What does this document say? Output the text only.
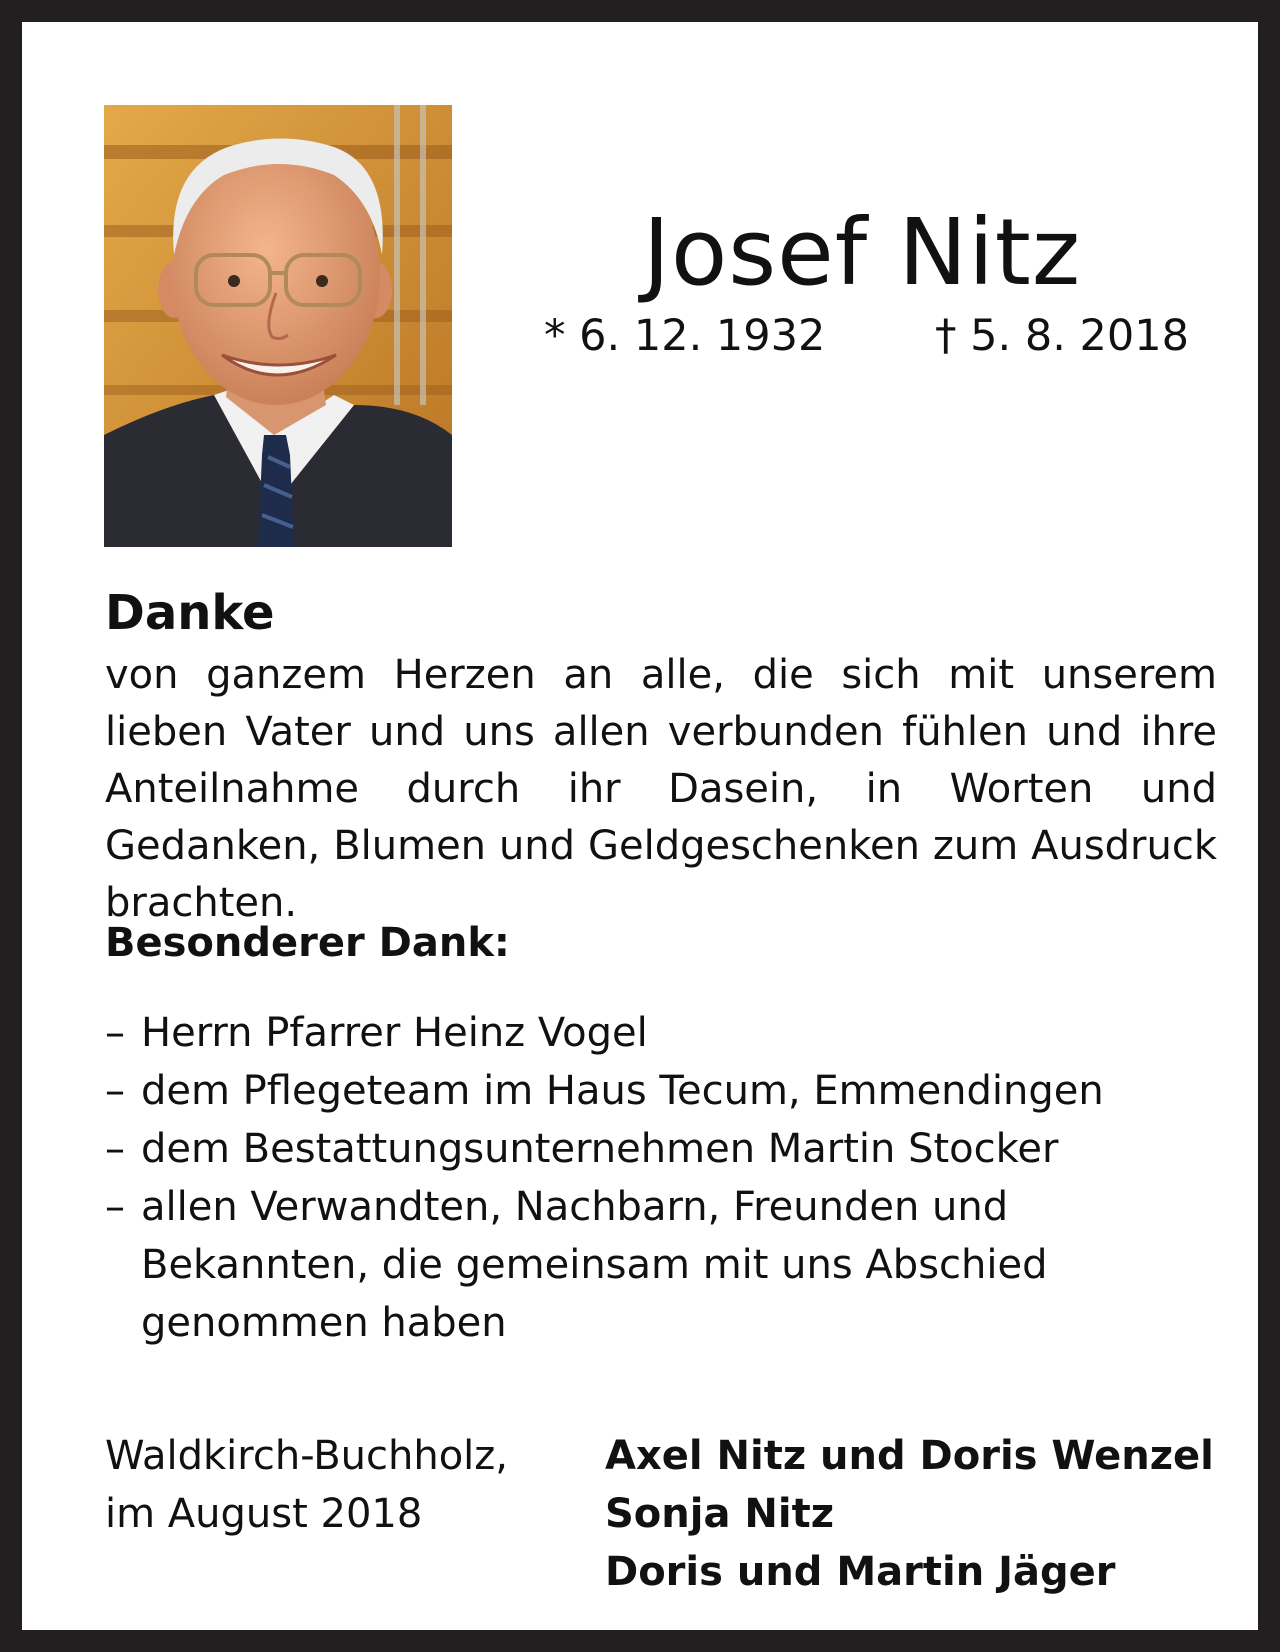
Josef Nitz
* 6. 12. 1932	† 5. 8. 2018
Danke
von ganzem Herzen an alle, die sich mit unserem lieben Vater und uns allen verbunden fühlen und ihre Anteilnahme durch ihr Dasein, in Worten und Gedanken, Blumen und Geldgeschenken zum Ausdruck brachten.
Besonderer Dank:
– Herrn Pfarrer Heinz Vogel
– dem Pflegeteam im Haus Tecum, Emmendingen
– dem Bestattungsunternehmen Martin Stocker
– allen Verwandten, Nachbarn, Freunden und Bekannten, die gemeinsam mit uns Abschied genommen haben
Waldkirch-Buchholz,
im August 2018
Axel Nitz und Doris Wenzel
Sonja Nitz
Doris und Martin Jäger
